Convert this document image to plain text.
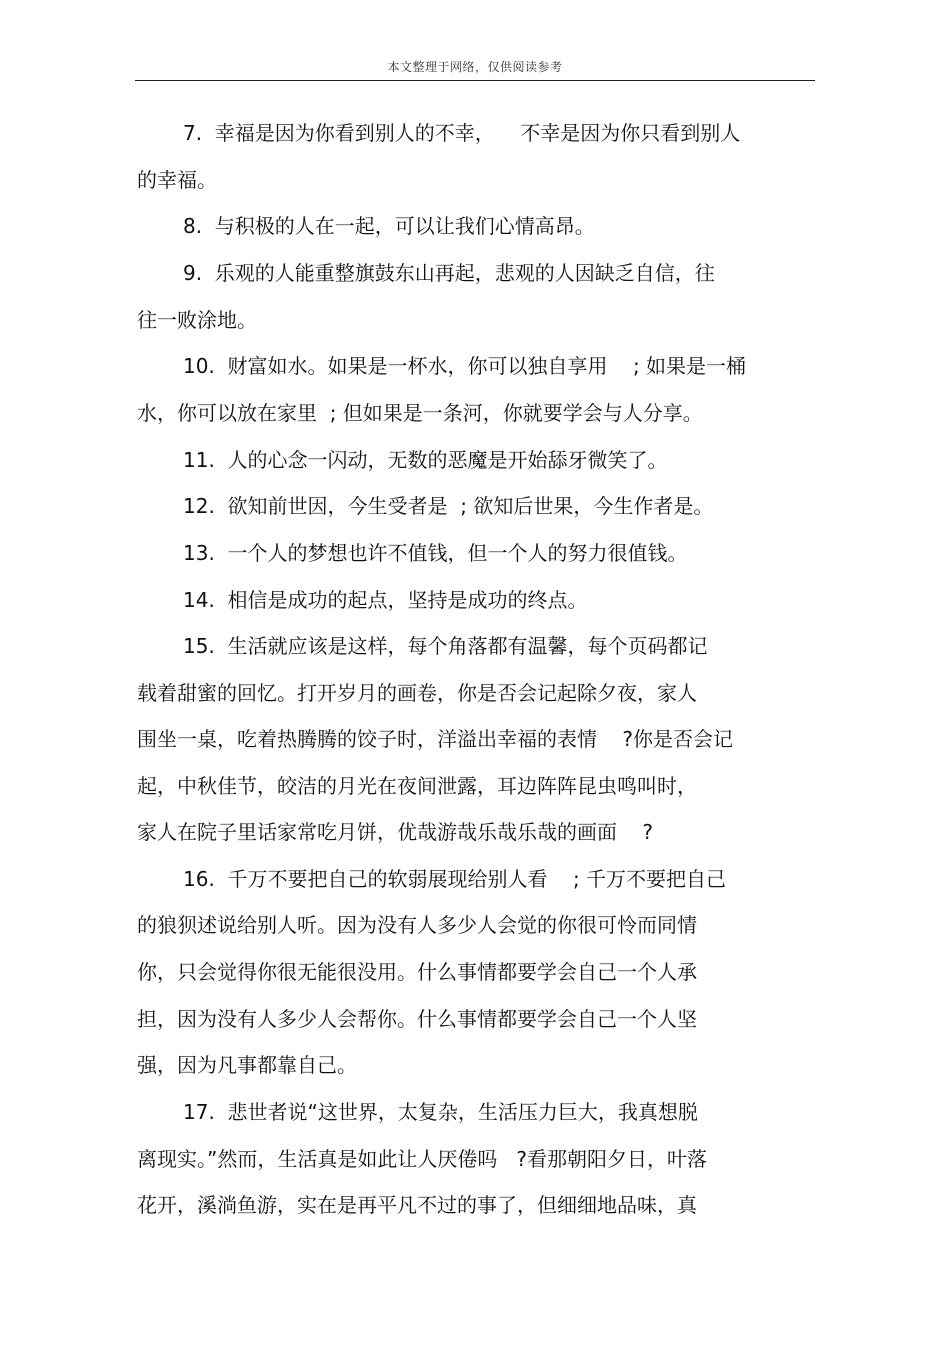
本文整理于网络，仅供阅读参考
7.  幸福是因为你看到别人的不幸，    不幸是因为你只看到别人
的幸福。
8.  与积极的人在一起，可以让我们心情高昂。
9.  乐观的人能重整旗鼓东山再起，悲观的人因缺乏自信，往
往一败涂地。
10.  财富如水。如果是一杯水，你可以独自享用    ; 如果是一桶
水，你可以放在家里  ; 但如果是一条河，你就要学会与人分享。
11.  人的心念一闪动，无数的恶魔是开始舔牙微笑了。
12.  欲知前世因，今生受者是  ; 欲知后世果，今生作者是。
13.  一个人的梦想也许不值钱，但一个人的努力很值钱。
14.  相信是成功的起点，坚持是成功的终点。
15.  生活就应该是这样，每个角落都有温馨，每个页码都记
载着甜蜜的回忆。打开岁月的画卷，你是否会记起除夕夜，家人
围坐一桌，吃着热腾腾的饺子时，洋溢出幸福的表情    ?你是否会记
起，中秋佳节，皎洁的月光在夜间泄露，耳边阵阵昆虫鸣叫时，
家人在院子里话家常吃月饼，优哉游哉乐哉乐哉的画面    ?
16.  千万不要把自己的软弱展现给别人看    ; 千万不要把自己
的狼狈述说给别人听。因为没有人多少人会觉的你很可怜而同情
你，只会觉得你很无能很没用。什么事情都要学会自己一个人承
担，因为没有人多少人会帮你。什么事情都要学会自己一个人坚
强，因为凡事都靠自己。
17.  悲世者说“这世界，太复杂，生活压力巨大，我真想脱
离现实。”然而，生活真是如此让人厌倦吗   ?看那朝阳夕日，叶落
花开，溪淌鱼游，实在是再平凡不过的事了，但细细地品味，真
